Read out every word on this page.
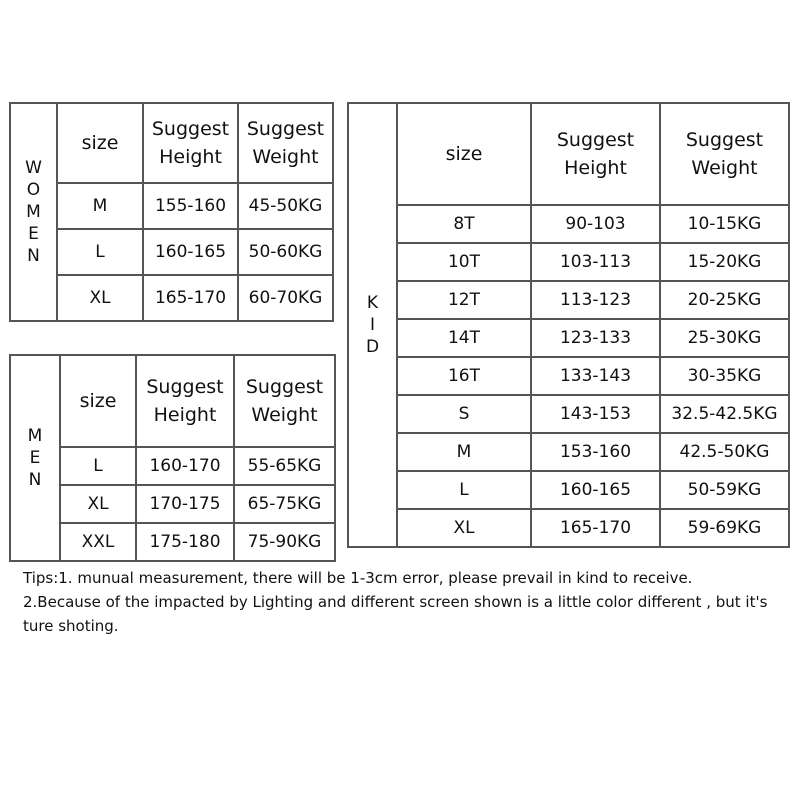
W
O
M
E
N	size	Suggest Height	Suggest Weight
	M	155-160	45-50KG
	L	160-165	50-60KG
	XL	165-170	60-70KG
M
E
N	size	Suggest Height	Suggest Weight
	L	160-170	55-65KG
	XL	170-175	65-75KG
	XXL	175-180	75-90KG
K
I
D	size	Suggest Height	Suggest Weight
	8T	90-103	10-15KG
	10T	103-113	15-20KG
	12T	113-123	20-25KG
	14T	123-133	25-30KG
	16T	133-143	30-35KG
	S	143-153	32.5-42.5KG
	M	153-160	42.5-50KG
	L	160-165	50-59KG
	XL	165-170	59-69KG

Tips:1. munual measurement, there will be 1-3cm error, please prevail in kind to receive.

2.Because of the impacted by Lighting and different screen shown is a little color different , but it's ture shoting.
